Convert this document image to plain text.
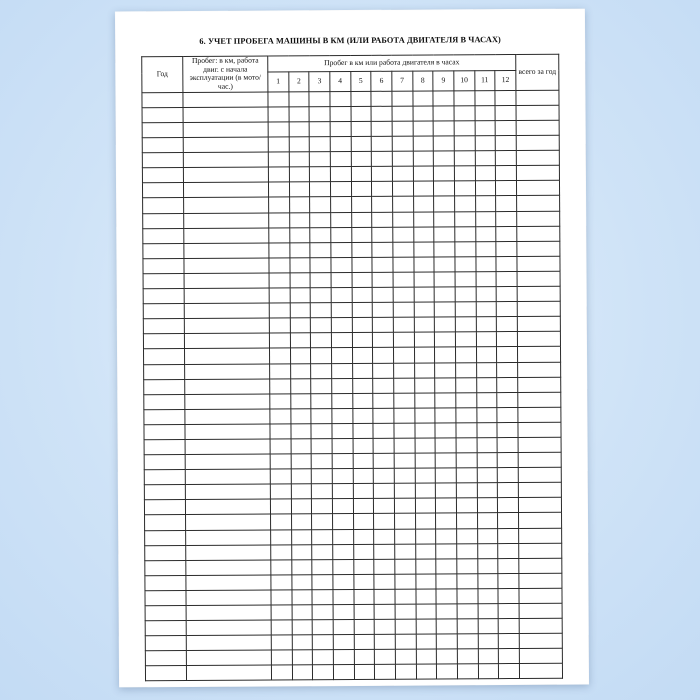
6. УЧЕТ ПРОБЕГА МАШИНЫ В КМ (ИЛИ РАБОТА ДВИГАТЕЛЯ В ЧАСАХ)
Год	Пробег: в км, работа двиг. с начала эксплуатации (в мото/час.)	Пробег в км или работа двигателя в часах												всего за год
		1	2	3	4	5	6	7	8	9	10	11	12	
